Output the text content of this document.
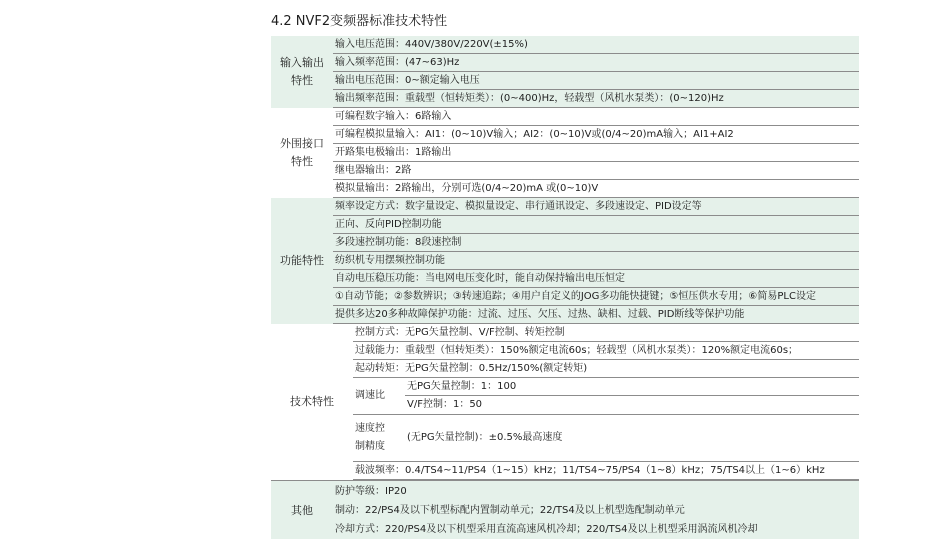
4.2 NVF2变频器标准技术特性
输入输出
特性
输入电压范围：440V/380V/220V(±15%)
输入频率范围：(47~63)Hz
输出电压范围：0~额定输入电压
输出频率范围：重载型（恒转矩类）：(0~400)Hz，轻载型（风机水泵类）：(0~120)Hz
外围接口
特性
可编程数字输入：6路输入
可编程模拟量输入：AI1：(0~10)V输入；AI2：(0~10)V或(0/4~20)mA输入；AI1+AI2
开路集电极输出：1路输出
继电器输出：2路
模拟量输出：2路输出，分别可选(0/4~20)mA 或(0~10)V
功能特性
频率设定方式：数字量设定、模拟量设定、串行通讯设定、多段速设定、PID设定等
正向、反向PID控制功能
多段速控制功能：8段速控制
纺织机专用摆频控制功能
自动电压稳压功能：当电网电压变化时，能自动保持输出电压恒定
①自动节能；②参数辨识；③转速追踪；④用户自定义的JOG多功能快捷键；⑤恒压供水专用；⑥简易PLC设定
提供多达20多种故障保护功能：过流、过压、欠压、过热、缺相、过载、PID断线等保护功能
技术特性
控制方式：无PG矢量控制、V/F控制、转矩控制
过载能力：重载型（恒转矩类）：150%额定电流60s；轻载型（风机水泵类）：120%额定电流60s；
起动转矩：无PG矢量控制：0.5Hz/150%(额定转矩)
调速比
无PG矢量控制：1：100
V/F控制：1：50
速度控
制精度
(无PG矢量控制)：±0.5%最高速度
载波频率：0.4/TS4~11/PS4（1~15）kHz；11/TS4~75/PS4（1~8）kHz；75/TS4以上（1~6）kHz
其他
防护等级：IP20
制动：22/PS4及以下机型标配内置制动单元；22/TS4及以上机型选配制动单元
冷却方式：220/PS4及以下机型采用直流高速风机冷却；220/TS4及以上机型采用涡流风机冷却
